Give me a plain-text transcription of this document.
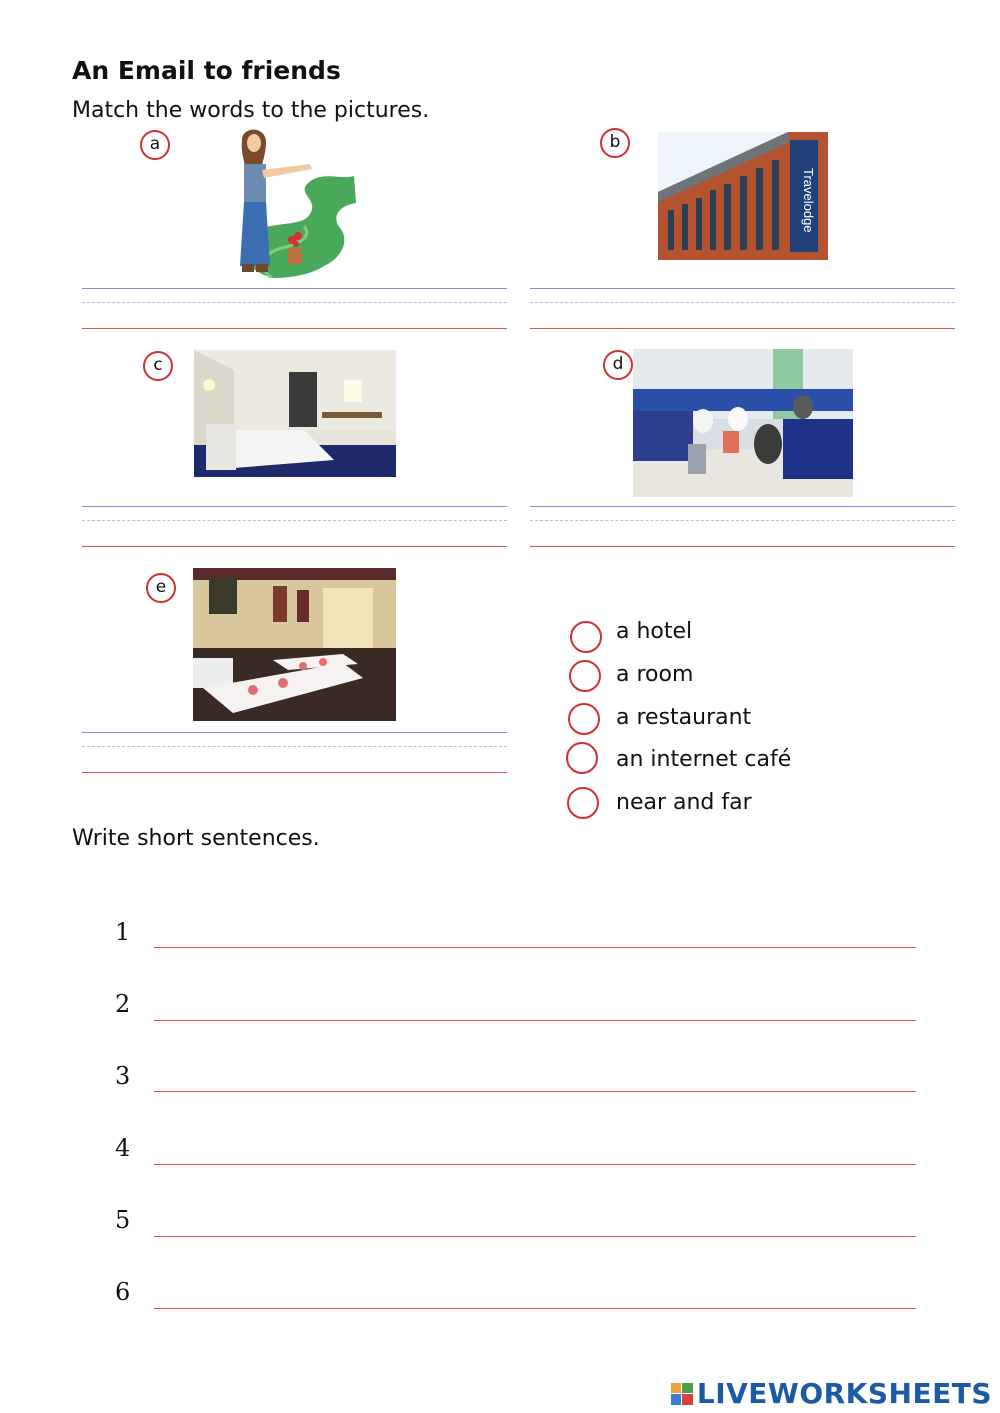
An Email to friends
Match the words to the pictures.
a	b
Travelodge
c	d
e
a hotel
a room
a restaurant
an internet café
near and far
Write short sentences.
1
2
3
4
5
6
LIVEWORKSHEETS
